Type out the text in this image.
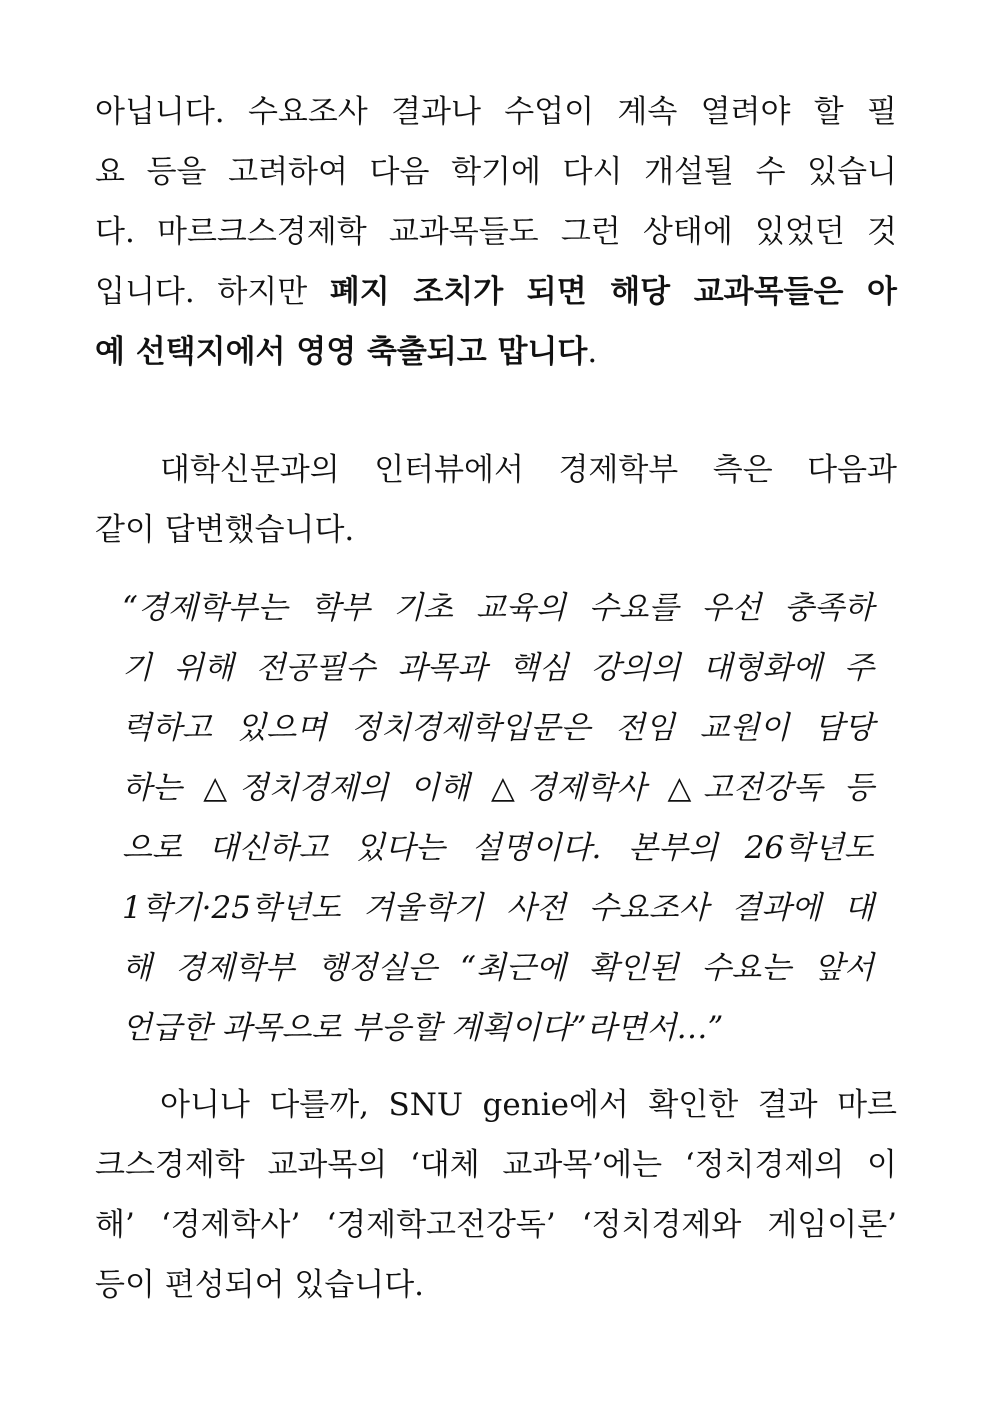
아닙니다. 수요조사 결과나 수업이 계속 열려야 할 필
요 등을 고려하여 다음 학기에 다시 개설될 수 있습니
다. 마르크스경제학 교과목들도 그런 상태에 있었던 것
입니다. 하지만 폐지 조치가 되면 해당 교과목들은 아
예 선택지에서 영영 축출되고 맙니다.
대학신문과의 인터뷰에서 경제학부 측은 다음과
같이 답변했습니다.
“경제학부는 학부 기초 교육의 수요를 우선 충족하
기 위해 전공필수 과목과 핵심 강의의 대형화에 주
력하고 있으며 정치경제학입문은 전임 교원이 담당
하는 △정치경제의 이해 △경제학사 △고전강독 등
으로 대신하고 있다는 설명이다. 본부의 26학년도
1학기·25학년도 겨울학기 사전 수요조사 결과에 대
해 경제학부 행정실은 “최근에 확인된 수요는 앞서
언급한 과목으로 부응할 계획이다”라면서…”
아니나 다를까, SNU genie에서 확인한 결과 마르
크스경제학 교과목의 ‘대체 교과목’에는 ‘정치경제의 이
해’ ‘경제학사’ ‘경제학고전강독’ ‘정치경제와 게임이론’
등이 편성되어 있습니다.
